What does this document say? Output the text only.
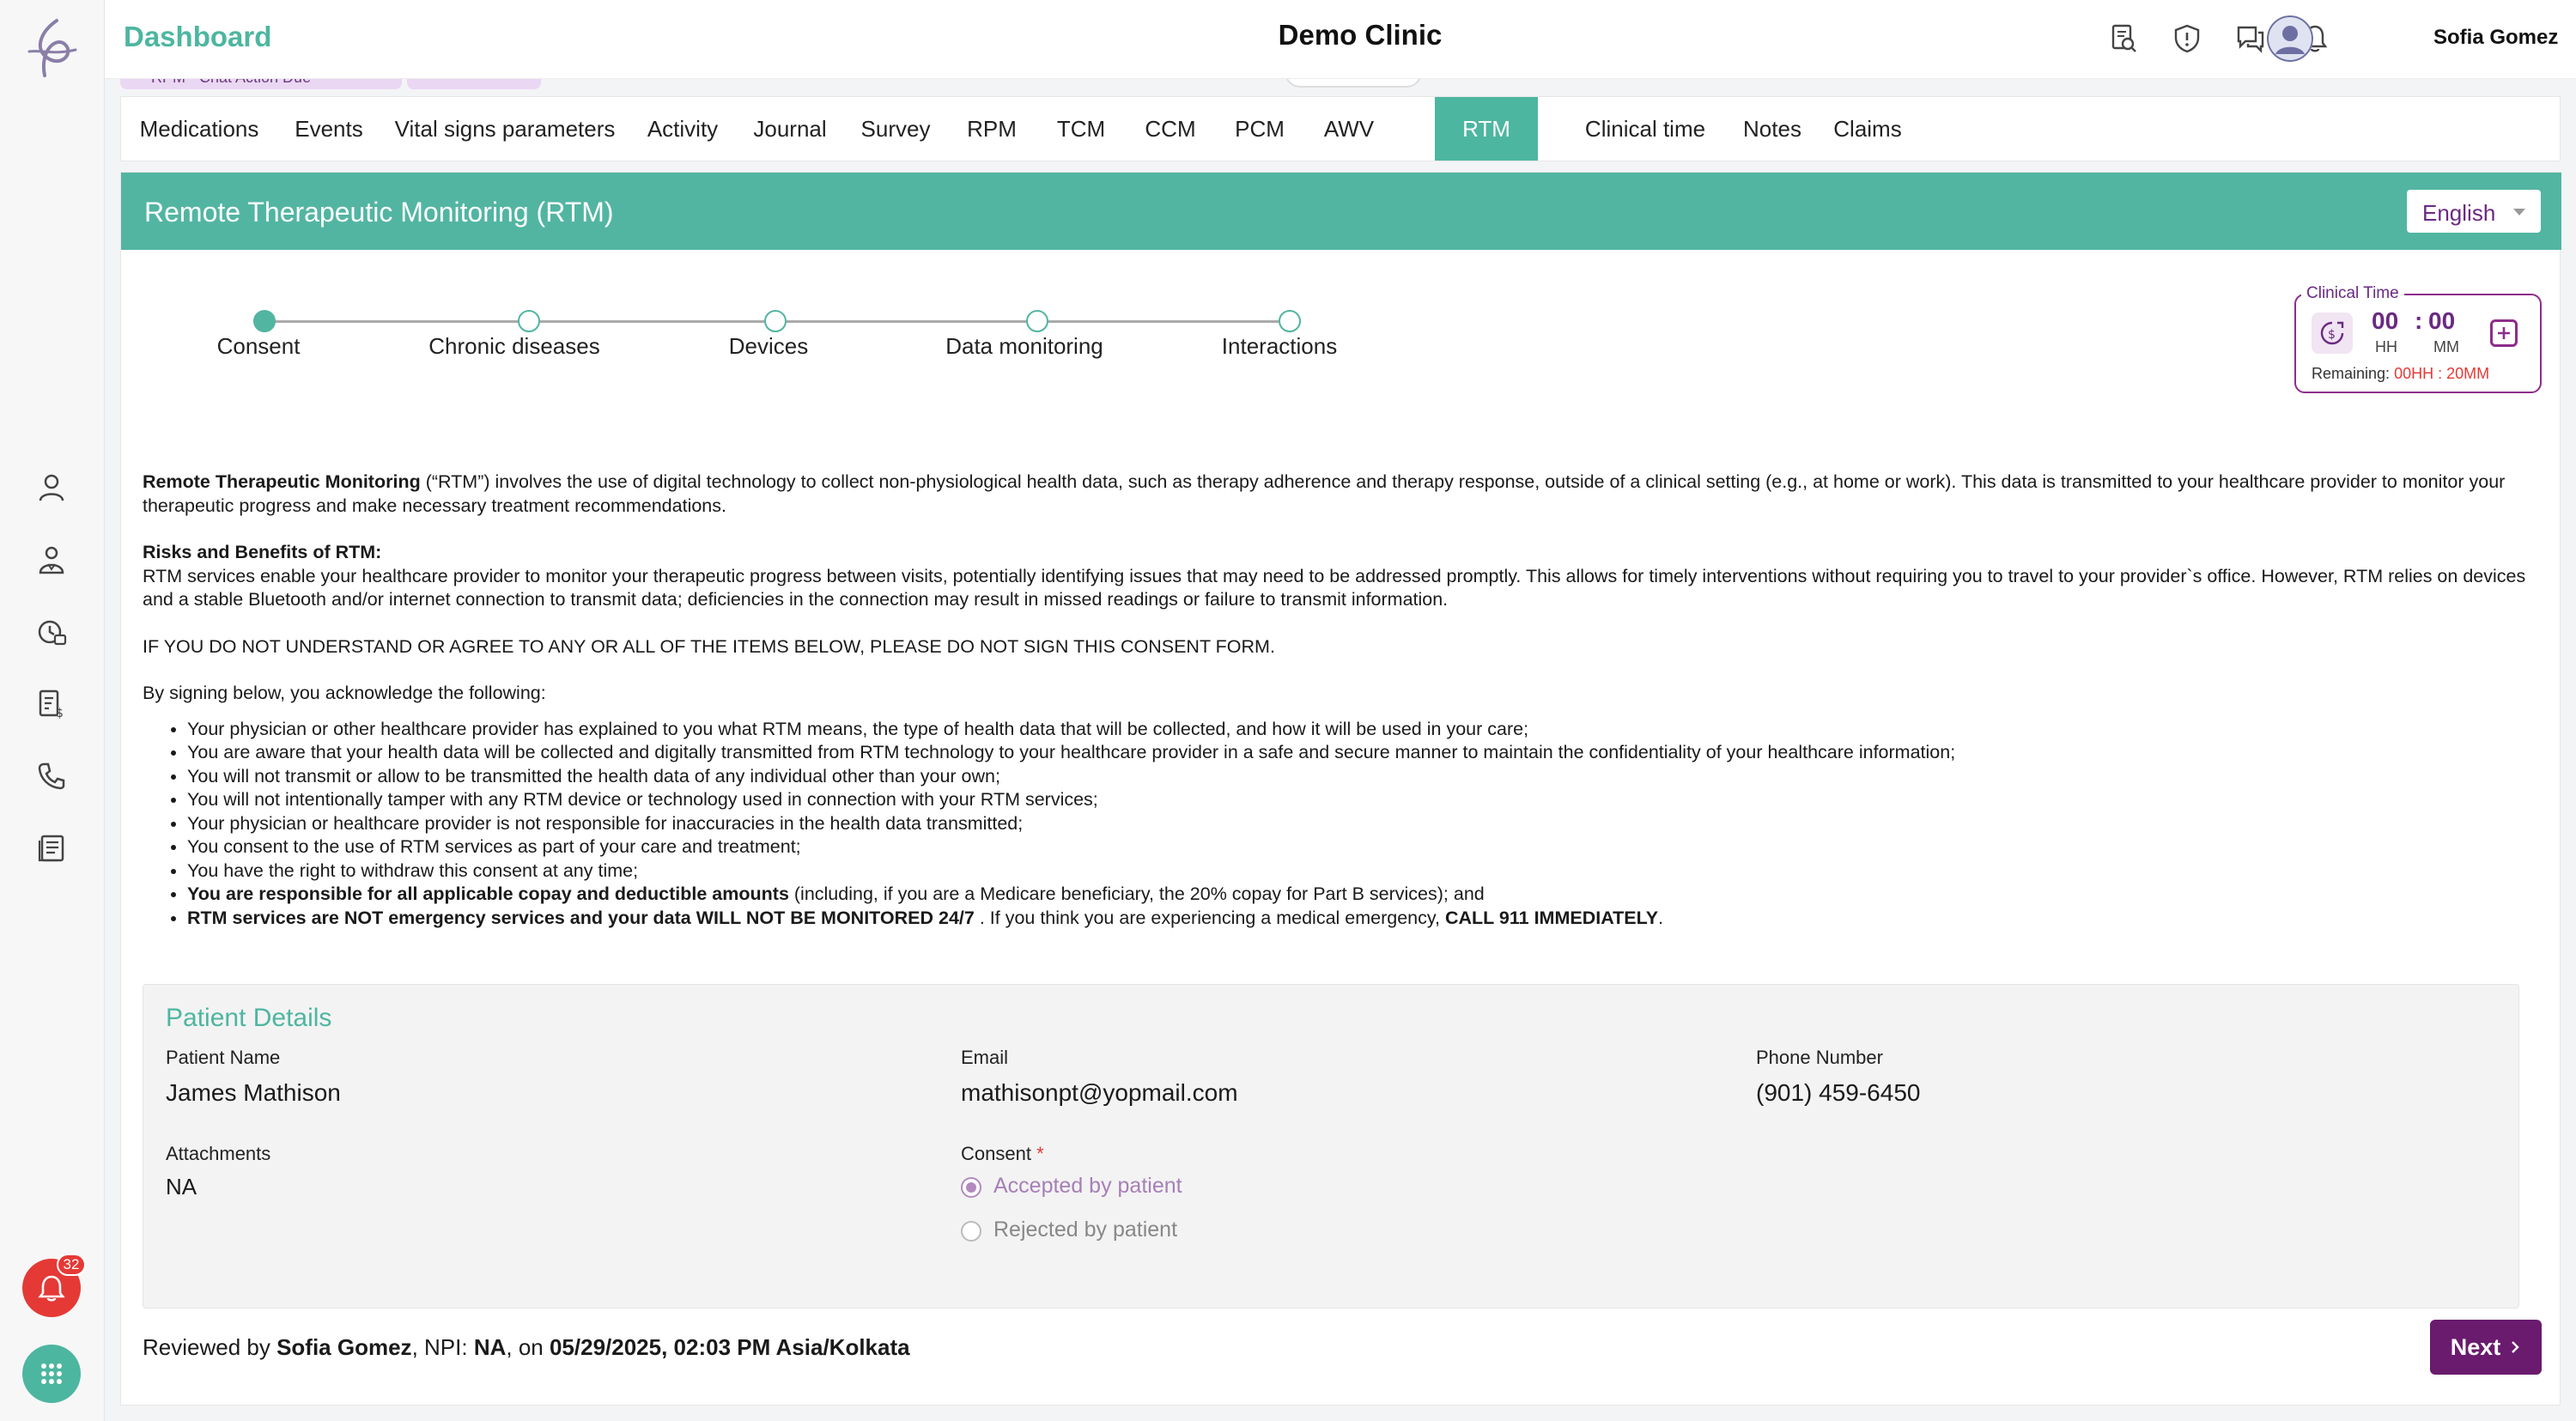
$
32
Dashboard	Demo Clinic	Sofia Gomez
Medications	Events	Vital signs parameters	Activity	Journal	Survey	RPM	TCM	CCM	PCM	AWV	RTM	Clinical time	Notes	Claims
Remote Therapeutic Monitoring (RTM)	English
Consent	Chronic diseases	Devices	Data monitoring	Interactions
Clinical Time
$
00 : 00
HH MM
Remaining: 00HH : 20MM

Remote Therapeutic Monitoring (“RTM”) involves the use of digital technology to collect non-physiological health data, such as therapy adherence and therapy response, outside of a clinical setting (e.g., at home or work). This data is transmitted to your healthcare provider to monitor your therapeutic progress and make necessary treatment recommendations.

Risks and Benefits of RTM:
RTM services enable your healthcare provider to monitor your therapeutic progress between visits, potentially identifying issues that may need to be addressed promptly. This allows for timely interventions without requiring you to travel to your provider`s office. However, RTM relies on devices and a stable Bluetooth and/or internet connection to transmit data; deficiencies in the connection may result in missed readings or failure to transmit information.

IF YOU DO NOT UNDERSTAND OR AGREE TO ANY OR ALL OF THE ITEMS BELOW, PLEASE DO NOT SIGN THIS CONSENT FORM.

By signing below, you acknowledge the following:

• Your physician or other healthcare provider has explained to you what RTM means, the type of health data that will be collected, and how it will be used in your care;
• You are aware that your health data will be collected and digitally transmitted from RTM technology to your healthcare provider in a safe and secure manner to maintain the confidentiality of your healthcare information;
• You will not transmit or allow to be transmitted the health data of any individual other than your own;
• You will not intentionally tamper with any RTM device or technology used in connection with your RTM services;
• Your physician or healthcare provider is not responsible for inaccuracies in the health data transmitted;
• You consent to the use of RTM services as part of your care and treatment;
• You have the right to withdraw this consent at any time;
• You are responsible for all applicable copay and deductible amounts (including, if you are a Medicare beneficiary, the 20% copay for Part B services); and
• RTM services are NOT emergency services and your data WILL NOT BE MONITORED 24/7 . If you think you are experiencing a medical emergency, CALL 911 IMMEDIATELY.
Patient Details
Patient Name
James Mathison
Email
mathisonpt@yopmail.com
Phone Number
(901) 459-6450
Attachments
NA
Consent *
Accepted by patient
Rejected by patient
Reviewed by Sofia Gomez, NPI: NA, on 05/29/2025, 02:03 PM Asia/Kolkata	Next
